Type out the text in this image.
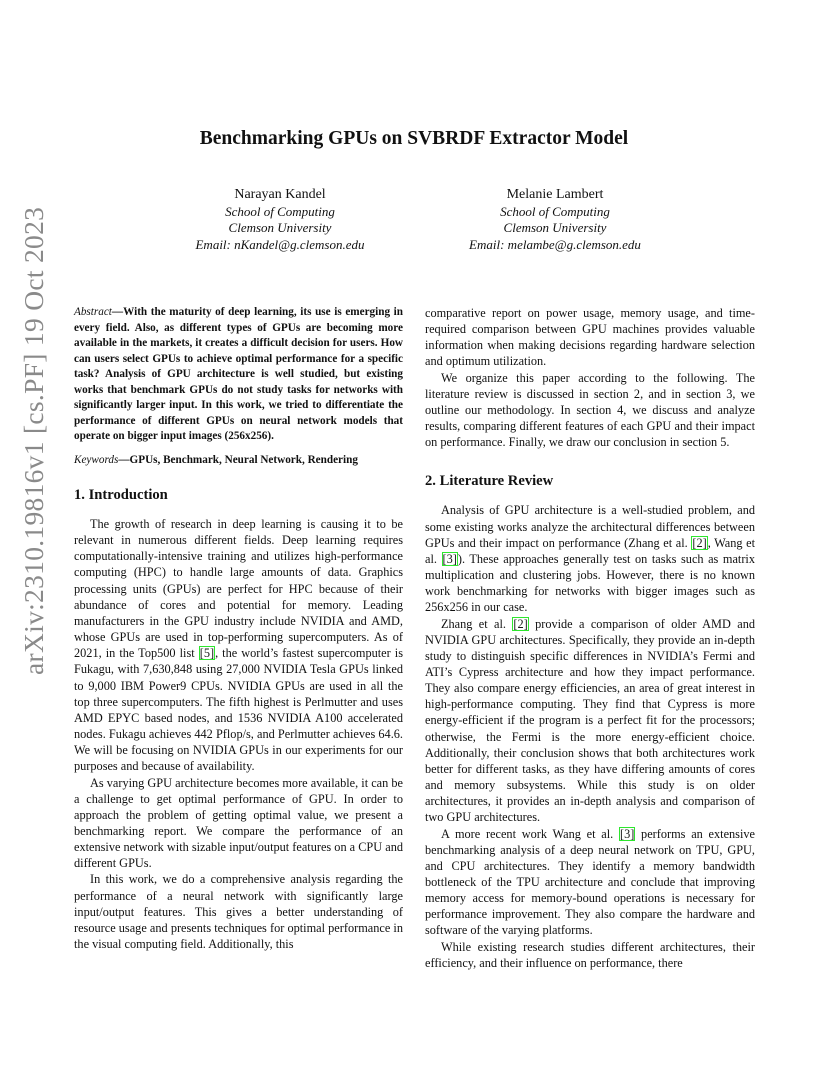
arXiv:2310.19816v1 [cs.PF] 19 Oct 2023
Benchmarking GPUs on SVBRDF Extractor Model
Narayan Kandel
School of Computing
Clemson University
Email: nKandel@g.clemson.edu
Melanie Lambert
School of Computing
Clemson University
Email: melambe@g.clemson.edu

Abstract—With the maturity of deep learning, its use is emerging in every field. Also, as different types of GPUs are becoming more available in the markets, it creates a difficult decision for users. How can users select GPUs to achieve optimal performance for a specific task? Analysis of GPU architecture is well studied, but existing works that benchmark GPUs do not study tasks for networks with significantly larger input. In this work, we tried to differentiate the performance of different GPUs on neural network models that operate on bigger input images (256x256).

Keywords—GPUs, Benchmark, Neural Network, Rendering

1. Introduction

The growth of research in deep learning is causing it to be relevant in numerous different fields. Deep learning requires computationally-intensive training and utilizes high-performance computing (HPC) to handle large amounts of data. Graphics processing units (GPUs) are perfect for HPC because of their abundance of cores and potential for memory. Leading manufacturers in the GPU industry include NVIDIA and AMD, whose GPUs are used in top-performing supercomputers. As of 2021, in the Top500 list [5], the world’s fastest supercomputer is Fukagu, with 7,630,848 using 27,000 NVIDIA Tesla GPUs linked to 9,000 IBM Power9 CPUs. NVIDIA GPUs are used in all the top three supercomputers. The fifth highest is Perlmutter and uses AMD EPYC based nodes, and 1536 NVIDIA A100 accelerated nodes. Fukagu achieves 442 Pflop/s, and Perlmutter achieves 64.6. We will be focusing on NVIDIA GPUs in our experiments for our purposes and because of availability.

As varying GPU architecture becomes more available, it can be a challenge to get optimal performance of GPU. In order to approach the problem of getting optimal value, we present a benchmarking report. We compare the performance of an extensive network with sizable input/output features on a CPU and different GPUs.

In this work, we do a comprehensive analysis regarding the performance of a neural network with significantly large input/output features. This gives a better understanding of resource usage and presents techniques for optimal performance in the visual computing field. Additionally, this

comparative report on power usage, memory usage, and time-required comparison between GPU machines provides valuable information when making decisions regarding hardware selection and optimum utilization.

We organize this paper according to the following. The literature review is discussed in section 2, and in section 3, we outline our methodology. In section 4, we discuss and analyze results, comparing different features of each GPU and their impact on performance. Finally, we draw our conclusion in section 5.

2. Literature Review

Analysis of GPU architecture is a well-studied problem, and some existing works analyze the architectural differences between GPUs and their impact on performance (Zhang et al. [2], Wang et al. [3]). These approaches generally test on tasks such as matrix multiplication and clustering jobs. However, there is no known work benchmarking for networks with bigger images such as 256x256 in our case.

Zhang et al. [2] provide a comparison of older AMD and NVIDIA GPU architectures. Specifically, they provide an in-depth study to distinguish specific differences in NVIDIA’s Fermi and ATI’s Cypress architecture and how they impact performance. They also compare energy efficiencies, an area of great interest in high-performance computing. They find that Cypress is more energy-efficient if the program is a perfect fit for the processors; otherwise, the Fermi is the more energy-efficient choice. Additionally, their conclusion shows that both architectures work better for different tasks, as they have differing amounts of cores and memory subsystems. While this study is on older architectures, it provides an in-depth analysis and comparison of two GPU architectures.

A more recent work Wang et al. [3] performs an extensive benchmarking analysis of a deep neural network on TPU, GPU, and CPU architectures. They identify a memory bandwidth bottleneck of the TPU architecture and conclude that improving memory access for memory-bound operations is necessary for performance improvement. They also compare the hardware and software of the varying platforms.

While existing research studies different architectures, their efficiency, and their influence on performance, there
